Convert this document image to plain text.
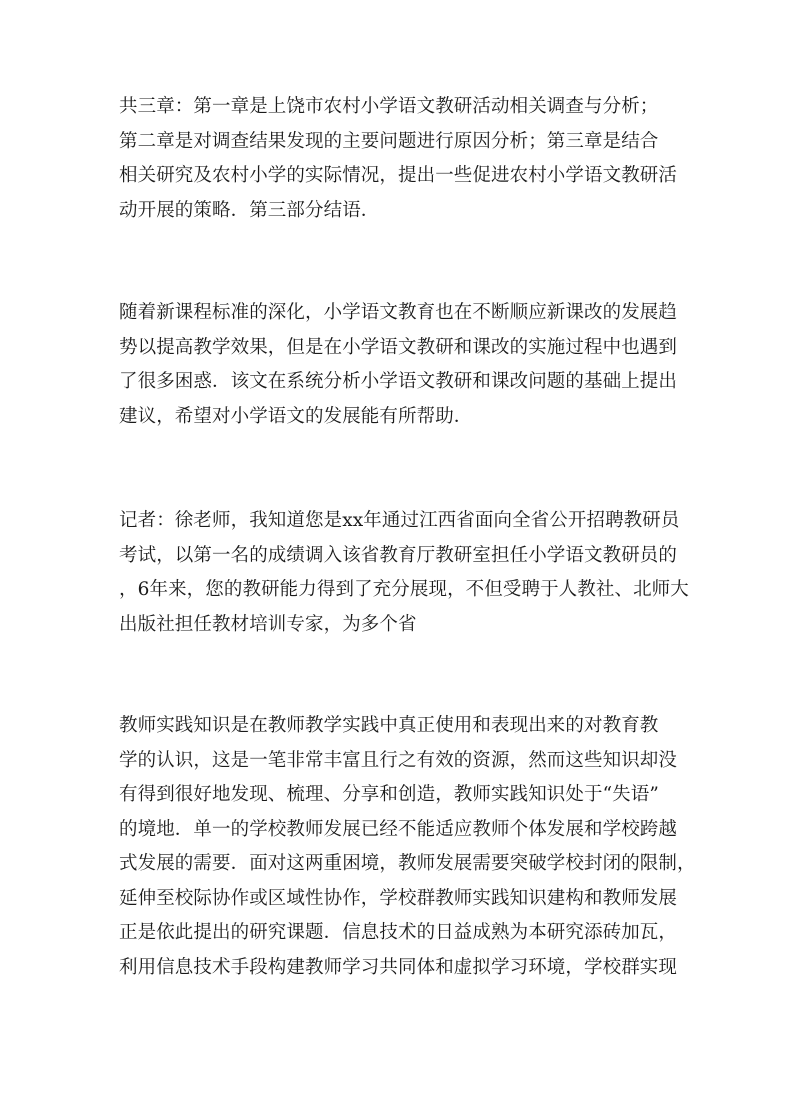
共三章：第一章是上饶市农村小学语文教研活动相关调查与分析；
第二章是对调查结果发现的主要问题进行原因分析；第三章是结合
相关研究及农村小学的实际情况，提出一些促进农村小学语文教研活
动开展的策略．第三部分结语．
随着新课程标准的深化，小学语文教育也在不断顺应新课改的发展趋
势以提高教学效果，但是在小学语文教研和课改的实施过程中也遇到
了很多困惑．该文在系统分析小学语文教研和课改问题的基础上提出
建议，希望对小学语文的发展能有所帮助．
记者：徐老师，我知道您是xx年通过江西省面向全省公开招聘教研员
考试，以第一名的成绩调入该省教育厅教研室担任小学语文教研员的
，6年来，您的教研能力得到了充分展现，不但受聘于人教社、北师大
出版社担任教材培训专家，为多个省
教师实践知识是在教师教学实践中真正使用和表现出来的对教育教
学的认识，这是一笔非常丰富且行之有效的资源，然而这些知识却没
有得到很好地发现、梳理、分享和创造，教师实践知识处于“失语”
的境地．单一的学校教师发展已经不能适应教师个体发展和学校跨越
式发展的需要．面对这两重困境，教师发展需要突破学校封闭的限制，
延伸至校际协作或区域性协作，学校群教师实践知识建构和教师发展
正是依此提出的研究课题．信息技术的日益成熟为本研究添砖加瓦，
利用信息技术手段构建教师学习共同体和虚拟学习环境，学校群实现
